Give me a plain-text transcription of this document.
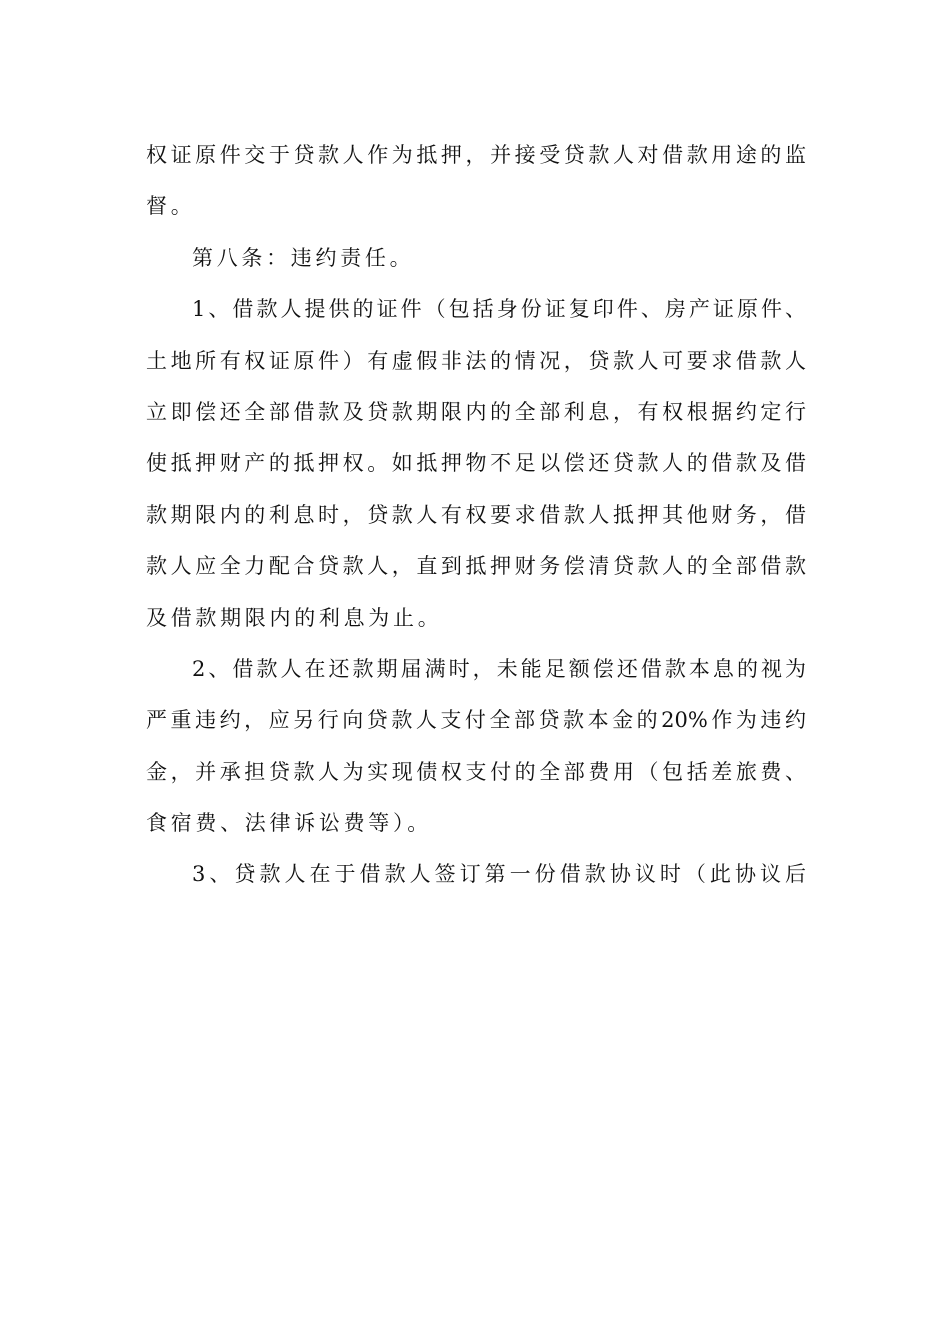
权证原件交于贷款人作为抵押，并接受贷款人对借款用途的监
督。
第八条：违约责任。
1、借款人提供的证件（包括身份证复印件、房产证原件、
土地所有权证原件）有虚假非法的情况，贷款人可要求借款人
立即偿还全部借款及贷款期限内的全部利息，有权根据约定行
使抵押财产的抵押权。如抵押物不足以偿还贷款人的借款及借
款期限内的利息时，贷款人有权要求借款人抵押其他财务，借
款人应全力配合贷款人，直到抵押财务偿清贷款人的全部借款
及借款期限内的利息为止。
2、借款人在还款期届满时，未能足额偿还借款本息的视为
严重违约，应另行向贷款人支付全部贷款本金的20%作为违约
金，并承担贷款人为实现债权支付的全部费用（包括差旅费、
食宿费、法律诉讼费等）。
3、贷款人在于借款人签订第一份借款协议时（此协议后
